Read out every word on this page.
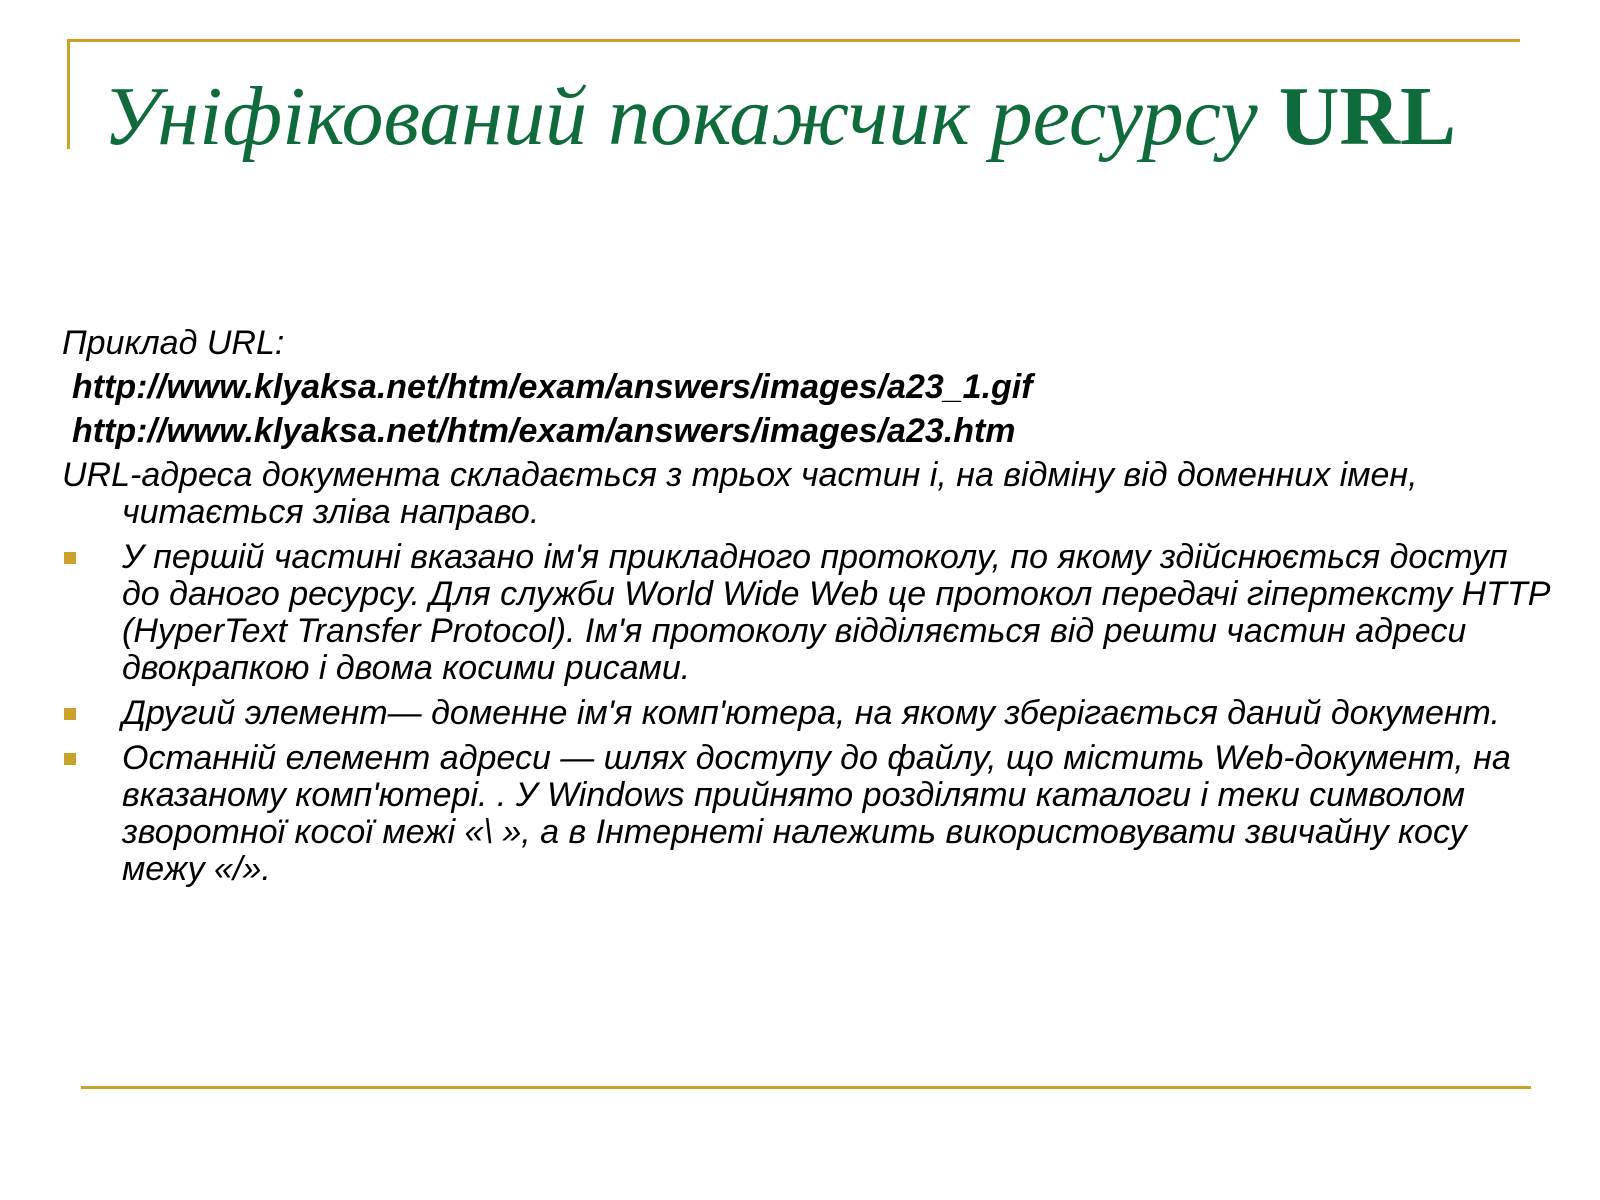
Уніфікований покажчик ресурсу URL

Приклад URL:

http://www.klyaksa.net/htm/exam/answers/images/a23_1.gif

http://www.klyaksa.net/htm/exam/answers/images/a23.htm

URL-адреса документа складається з трьох частин і, на відміну від доменних імен, читається зліва направо.

У першій частині вказано ім'я прикладного протоколу, по якому здійснюється доступ до даного ресурсу. Для служби World Wide Web це протокол передачі гіпертексту HTTP (HyperText Transfer Protocol). Ім'я протоколу відділяється від решти частин адреси двокрапкою і двома косими рисами.
Другий элемент— доменне ім'я комп'ютера, на якому зберігається даний документ.
Останній елемент адреси — шлях доступу до файлу, що містить Web-документ, на вказаному комп'ютері. . У Windows прийнято розділяти каталоги і теки символом зворотної косої межі «\ », а в Інтернеті належить використовувати звичайну косу межу «/».
